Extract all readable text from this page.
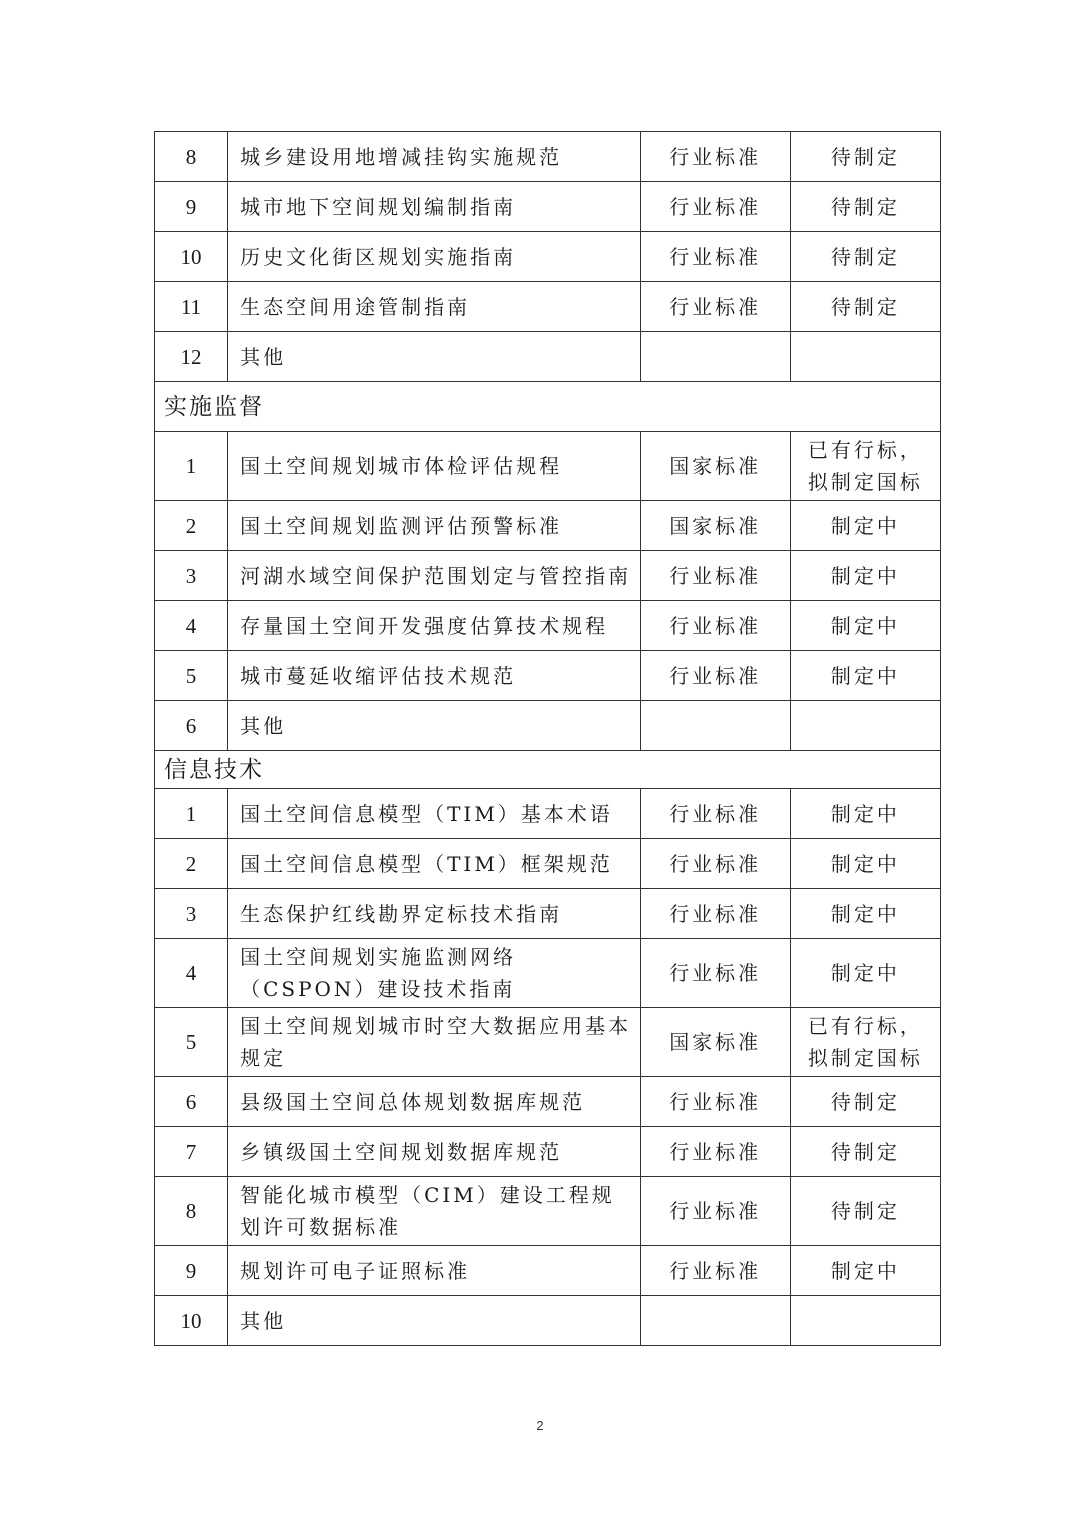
8	城乡建设用地增减挂钩实施规范	行业标准	待制定
9	城市地下空间规划编制指南	行业标准	待制定
10	历史文化街区规划实施指南	行业标准	待制定
11	生态空间用途管制指南	行业标准	待制定
12	其他		
实施监督			
1	国土空间规划城市体检评估规程	国家标准	已有行标，拟制定国标
2	国土空间规划监测评估预警标准	国家标准	制定中
3	河湖水域空间保护范围划定与管控指南	行业标准	制定中
4	存量国土空间开发强度估算技术规程	行业标准	制定中
5	城市蔓延收缩评估技术规范	行业标准	制定中
6	其他		
信息技术			
1	国土空间信息模型（TIM）基本术语	行业标准	制定中
2	国土空间信息模型（TIM）框架规范	行业标准	制定中
3	生态保护红线勘界定标技术指南	行业标准	制定中
4	国土空间规划实施监测网络（CSPON）建设技术指南	行业标准	制定中
5	国土空间规划城市时空大数据应用基本规定	国家标准	已有行标，拟制定国标
6	县级国土空间总体规划数据库规范	行业标准	待制定
7	乡镇级国土空间规划数据库规范	行业标准	待制定
8	智能化城市模型（CIM）建设工程规划许可数据标准	行业标准	待制定
9	规划许可电子证照标准	行业标准	制定中
10	其他		
2
